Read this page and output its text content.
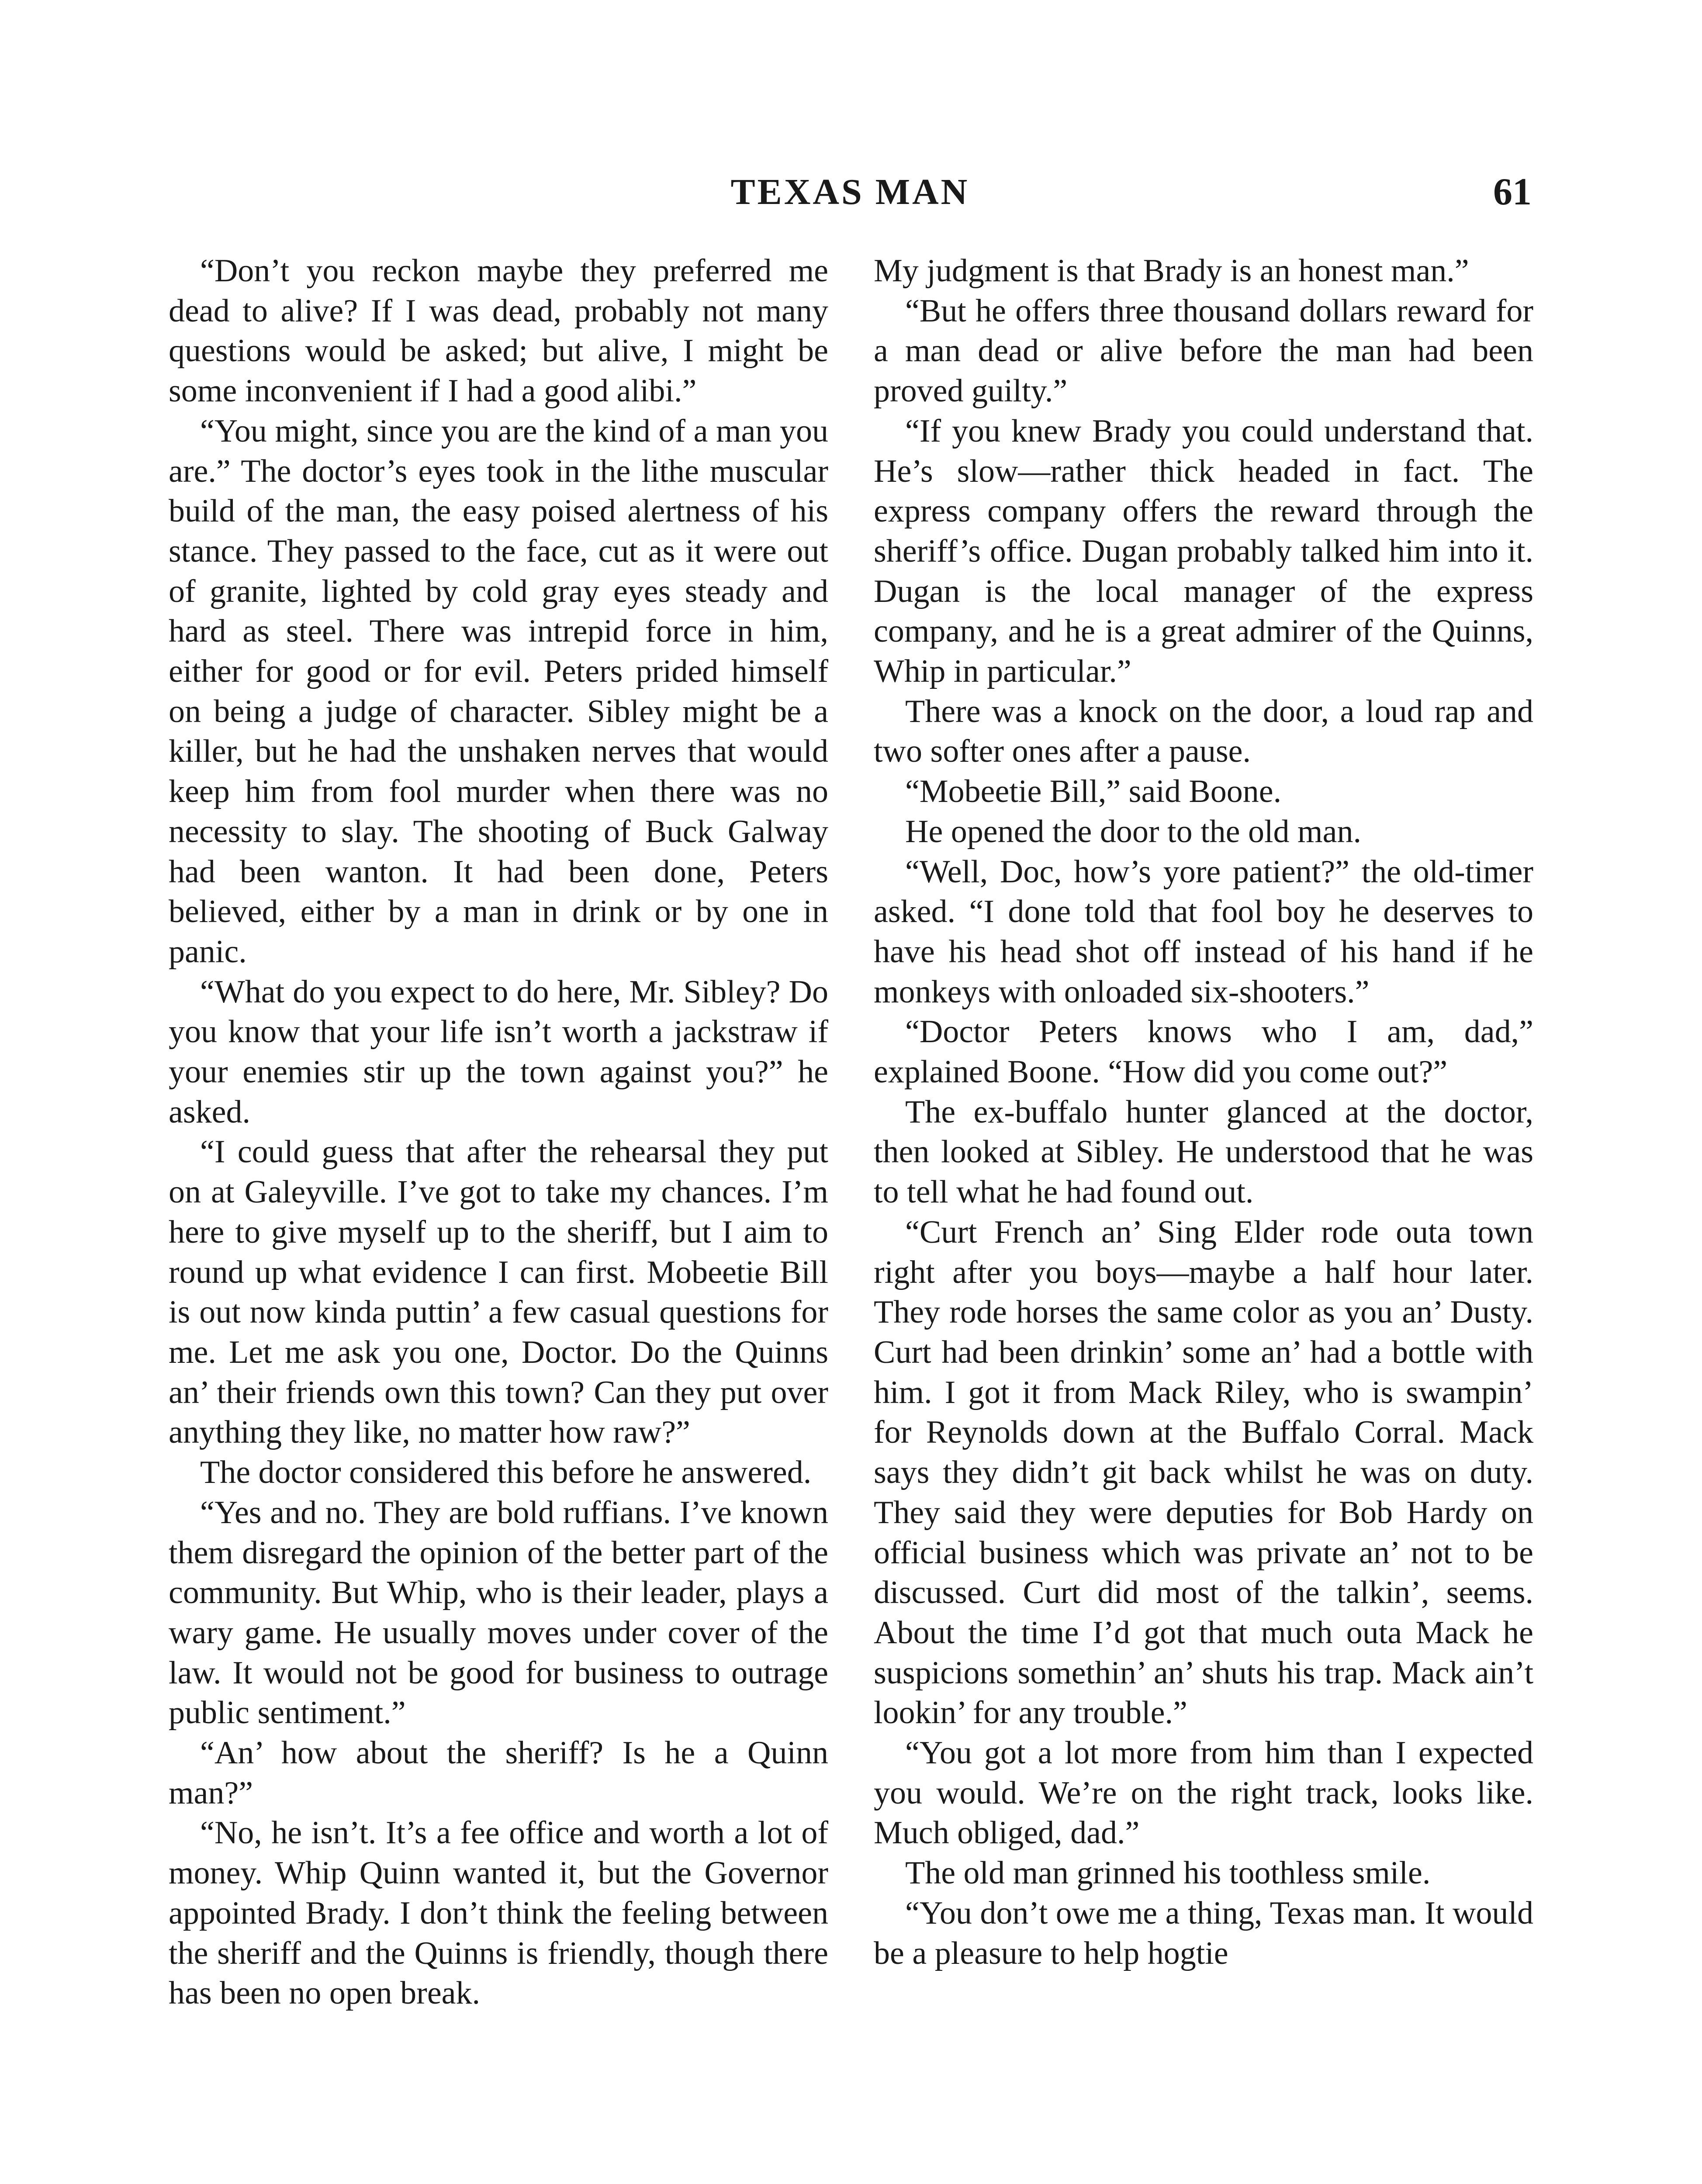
TEXAS MAN	61

“Don’t you reckon maybe they preferred me dead to alive? If I was dead, probably not many questions would be asked; but alive, I might be some inconvenient if I had a good alibi.”

“You might, since you are the kind of a man you are.” The doctor’s eyes took in the lithe muscular build of the man, the easy poised alertness of his stance. They passed to the face, cut as it were out of granite, lighted by cold gray eyes steady and hard as steel. There was intrepid force in him, either for good or for evil. Peters prided himself on being a judge of character. Sibley might be a killer, but he had the unshaken nerves that would keep him from fool murder when there was no necessity to slay. The shooting of Buck Galway had been wanton. It had been done, Peters believed, either by a man in drink or by one in panic.

“What do you expect to do here, Mr. Sibley? Do you know that your life isn’t worth a jackstraw if your enemies stir up the town against you?” he asked.

“I could guess that after the rehearsal they put on at Galeyville. I’ve got to take my chances. I’m here to give myself up to the sheriff, but I aim to round up what evidence I can first. Mobeetie Bill is out now kinda puttin’ a few casual questions for me. Let me ask you one, Doctor. Do the Quinns an’ their friends own this town? Can they put over anything they like, no matter how raw?”

The doctor considered this before he answered.

“Yes and no. They are bold ruffians. I’ve known them disregard the opinion of the better part of the community. But Whip, who is their leader, plays a wary game. He usually moves under cover of the law. It would not be good for business to outrage public sentiment.”

“An’ how about the sheriff? Is he a Quinn man?”

“No, he isn’t. It’s a fee office and worth a lot of money. Whip Quinn wanted it, but the Governor appointed Brady. I don’t think the feeling between the sheriff and the Quinns is friendly, though there has been no open break.

My judgment is that Brady is an honest man.”

“But he offers three thousand dollars reward for a man dead or alive before the man had been proved guilty.”

“If you knew Brady you could understand that. He’s slow—rather thick headed in fact. The express company offers the reward through the sheriff’s office. Dugan probably talked him into it. Dugan is the local manager of the express company, and he is a great admirer of the Quinns, Whip in particular.”

There was a knock on the door, a loud rap and two softer ones after a pause.

“Mobeetie Bill,” said Boone.

He opened the door to the old man.

“Well, Doc, how’s yore patient?” the old-timer asked. “I done told that fool boy he deserves to have his head shot off instead of his hand if he monkeys with onloaded six-shooters.”

“Doctor Peters knows who I am, dad,” explained Boone. “How did you come out?”

The ex-buffalo hunter glanced at the doctor, then looked at Sibley. He understood that he was to tell what he had found out.

“Curt French an’ Sing Elder rode outa town right after you boys—maybe a half hour later. They rode horses the same color as you an’ Dusty. Curt had been drinkin’ some an’ had a bottle with him. I got it from Mack Riley, who is swampin’ for Reynolds down at the Buffalo Corral. Mack says they didn’t git back whilst he was on duty. They said they were deputies for Bob Hardy on official business which was private an’ not to be discussed. Curt did most of the talkin’, seems. About the time I’d got that much outa Mack he suspicions somethin’ an’ shuts his trap. Mack ain’t lookin’ for any trouble.”

“You got a lot more from him than I expected you would. We’re on the right track, looks like. Much obliged, dad.”

The old man grinned his toothless smile.

“You don’t owe me a thing, Texas man. It would be a pleasure to help hogtie
